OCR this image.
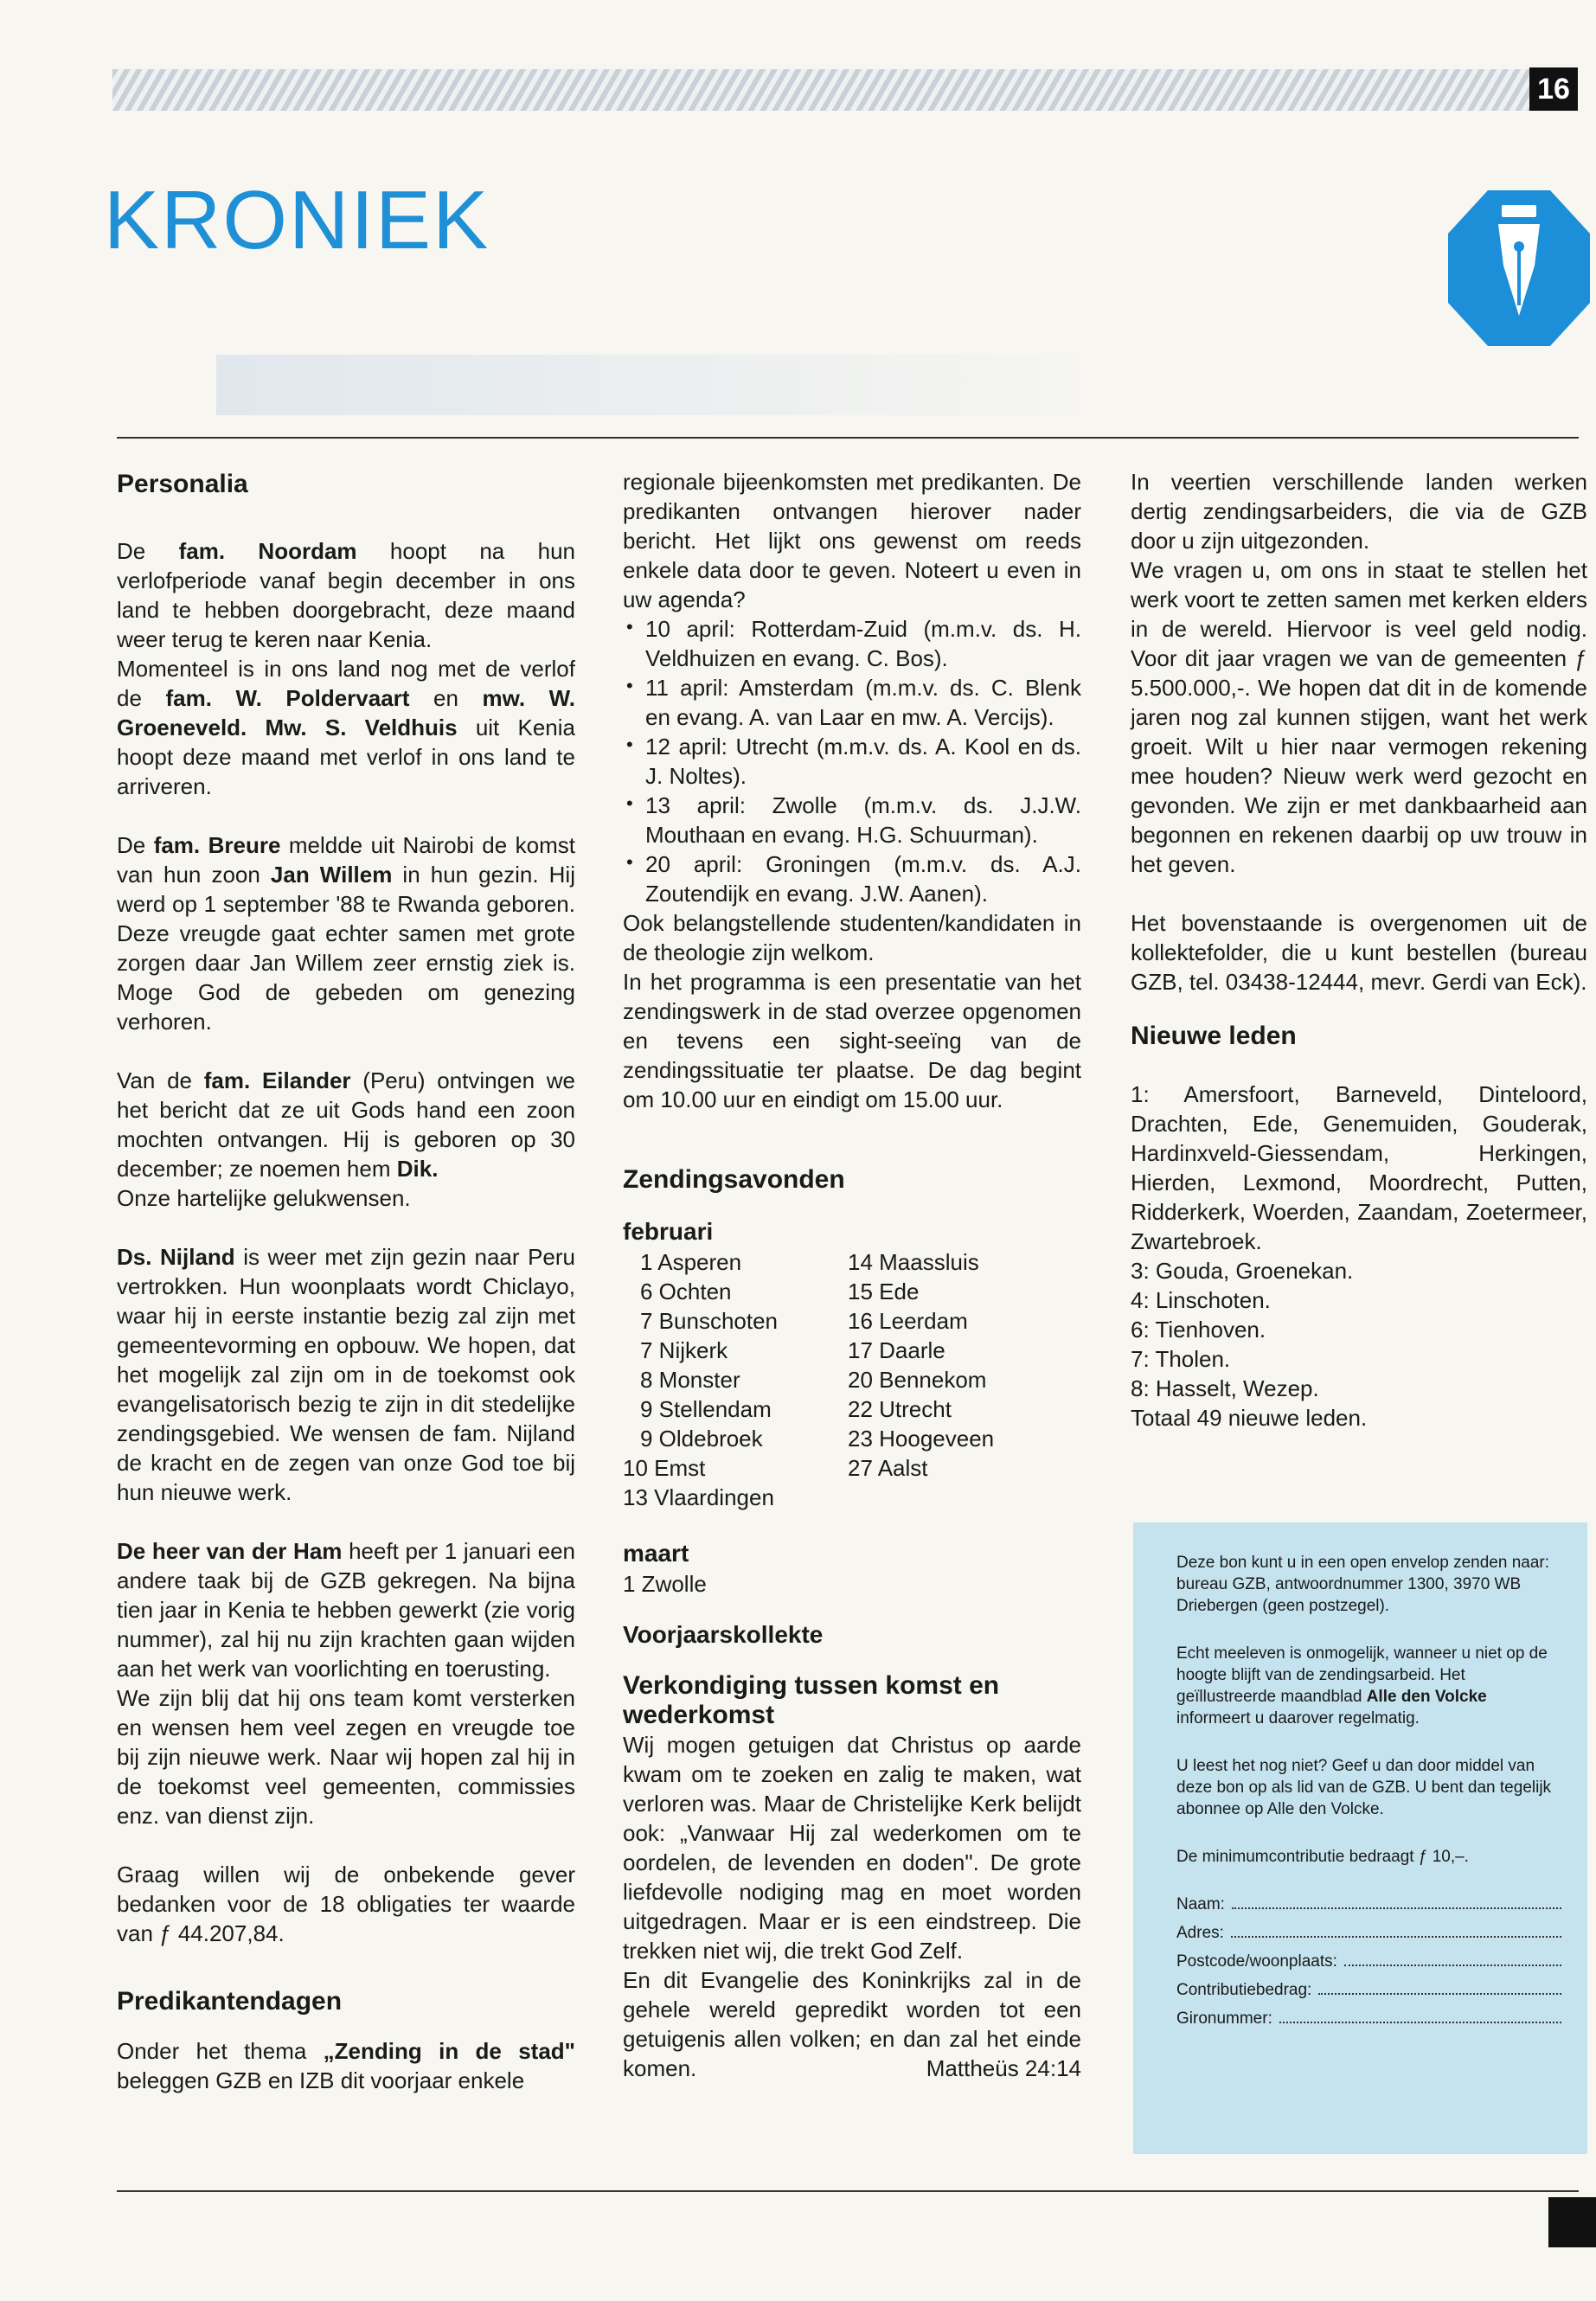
16
KRONIEK
Personalia

De fam. Noordam hoopt na hun verlofperiode vanaf begin december in ons land te hebben doorgebracht, deze maand weer terug te keren naar Kenia.

Momenteel is in ons land nog met de verlof de fam. W. Poldervaart en mw. W. Groeneveld. Mw. S. Veldhuis uit Kenia hoopt deze maand met verlof in ons land te arriveren.

De fam. Breure meldde uit Nairobi de komst van hun zoon Jan Willem in hun gezin. Hij werd op 1 september '88 te Rwanda geboren. Deze vreugde gaat echter samen met grote zorgen daar Jan Willem zeer ernstig ziek is. Moge God de gebeden om genezing verhoren.

Van de fam. Eilander (Peru) ontvingen we het bericht dat ze uit Gods hand een zoon mochten ontvangen. Hij is geboren op 30 december; ze noemen hem Dik.

Onze hartelijke gelukwensen.

Ds. Nijland is weer met zijn gezin naar Peru vertrokken. Hun woonplaats wordt Chiclayo, waar hij in eerste instantie bezig zal zijn met gemeentevorming en opbouw. We hopen, dat het mogelijk zal zijn om in de toekomst ook evangelisatorisch bezig te zijn in dit stedelijke zendingsgebied. We wensen de fam. Nijland de kracht en de zegen van onze God toe bij hun nieuwe werk.

De heer van der Ham heeft per 1 januari een andere taak bij de GZB gekregen. Na bijna tien jaar in Kenia te hebben gewerkt (zie vorig nummer), zal hij nu zijn krachten gaan wijden aan het werk van voorlichting en toerusting.

We zijn blij dat hij ons team komt versterken en wensen hem veel zegen en vreugde toe bij zijn nieuwe werk. Naar wij hopen zal hij in de toekomst veel gemeenten, commissies enz. van dienst zijn.

Graag willen wij de onbekende gever bedanken voor de 18 obligaties ter waarde van ƒ 44.207,84.

Predikantendagen

Onder het thema „Zending in de stad" beleggen GZB en IZB dit voorjaar enkele

regionale bijeenkomsten met predikanten. De predikanten ontvangen hierover nader bericht. Het lijkt ons gewenst om reeds enkele data door te geven. Noteert u even in uw agenda?

• 10 april: Rotterdam-Zuid (m.m.v. ds. H. Veldhuizen en evang. C. Bos).
• 11 april: Amsterdam (m.m.v. ds. C. Blenk en evang. A. van Laar en mw. A. Vercijs).
• 12 april: Utrecht (m.m.v. ds. A. Kool en ds. J. Noltes).
• 13 april: Zwolle (m.m.v. ds. J.J.W. Mouthaan en evang. H.G. Schuurman).
• 20 april: Groningen (m.m.v. ds. A.J. Zoutendijk en evang. J.W. Aanen).

Ook belangstellende studenten/kandidaten in de theologie zijn welkom.

In het programma is een presentatie van het zendingswerk in de stad overzee opgenomen en tevens een sight-seeïng van de zendingssituatie ter plaatse. De dag begint om 10.00 uur en eindigt om 15.00 uur.

Zendingsavonden
februari
1 Asperen
6 Ochten
7 Bunschoten
7 Nijkerk
8 Monster
9 Stellendam
9 Oldebroek
10 Emst
13 Vlaardingen
14 Maassluis
15 Ede
16 Leerdam
17 Daarle
20 Bennekom
22 Utrecht
23 Hoogeveen
27 Aalst
maart

1 Zwolle

Voorjaarskollekte
Verkondiging tussen komst en wederkomst

Wij mogen getuigen dat Christus op aarde kwam om te zoeken en zalig te maken, wat verloren was. Maar de Christelijke Kerk belijdt ook: „Vanwaar Hij zal wederkomen om te oordelen, de levenden en doden". De grote liefdevolle nodiging mag en moet worden uitgedragen. Maar er is een eindstreep. Die trekken niet wij, die trekt God Zelf.

En dit Evangelie des Koninkrijks zal in de gehele wereld gepredikt worden tot een getuigenis allen volken; en dan zal het einde komen.	Mattheüs 24:14

In veertien verschillende landen werken dertig zendingsarbeiders, die via de GZB door u zijn uitgezonden.

We vragen u, om ons in staat te stellen het werk voort te zetten samen met kerken elders in de wereld. Hiervoor is veel geld nodig. Voor dit jaar vragen we van de gemeenten ƒ 5.500.000,-. We hopen dat dit in de komende jaren nog zal kunnen stijgen, want het werk groeit. Wilt u hier naar vermogen rekening mee houden? Nieuw werk werd gezocht en gevonden. We zijn er met dankbaarheid aan begonnen en rekenen daarbij op uw trouw in het geven.

Het bovenstaande is overgenomen uit de kollektefolder, die u kunt bestellen (bureau GZB, tel. 03438-12444, mevr. Gerdi van Eck).

Nieuwe leden

1: Amersfoort, Barneveld, Dinteloord, Drachten, Ede, Genemuiden, Gouderak, Hardinxveld-Giessendam, Herkingen, Hierden, Lexmond, Moordrecht, Putten, Ridderkerk, Woerden, Zaandam, Zoetermeer, Zwartebroek.

3: Gouda, Groenekan.

4: Linschoten.

6: Tienhoven.

7: Tholen.

8: Hasselt, Wezep.

Totaal 49 nieuwe leden.

Deze bon kunt u in een open envelop zenden naar: bureau GZB, antwoordnummer 1300, 3970 WB Driebergen (geen postzegel).

Echt meeleven is onmogelijk, wanneer u niet op de hoogte blijft van de zendingsarbeid. Het geïllustreerde maandblad Alle den Volcke informeert u daarover regelmatig.

U leest het nog niet? Geef u dan door middel van deze bon op als lid van de GZB. U bent dan tegelijk abonnee op Alle den Volcke.

De minimumcontributie bedraagt ƒ 10,–.

Naam:
Adres:
Postcode/woonplaats:
Contributiebedrag:
Gironummer:
